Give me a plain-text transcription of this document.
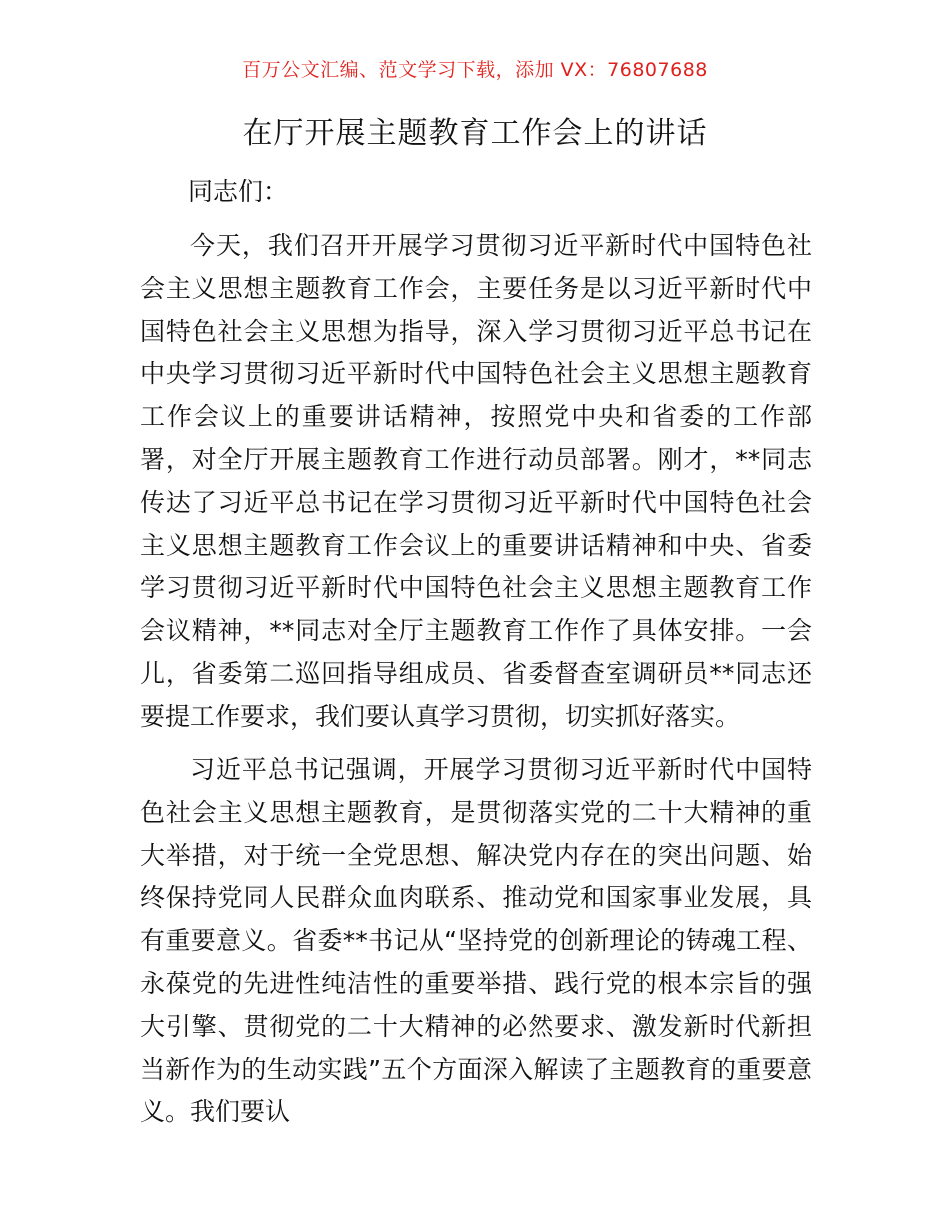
百万公文汇编、范文学习下载，添加 VX：76807688
在厅开展主题教育工作会上的讲话
同志们：

今天，我们召开开展学习贯彻习近平新时代中国特色社会主义思想主题教育工作会，主要任务是以习近平新时代中国特色社会主义思想为指导，深入学习贯彻习近平总书记在中央学习贯彻习近平新时代中国特色社会主义思想主题教育工作会议上的重要讲话精神，按照党中央和省委的工作部署，对全厅开展主题教育工作进行动员部署。刚才，**同志传达了习近平总书记在学习贯彻习近平新时代中国特色社会主义思想主题教育工作会议上的重要讲话精神和中央、省委学习贯彻习近平新时代中国特色社会主义思想主题教育工作会议精神，**同志对全厅主题教育工作作了具体安排。一会儿，省委第二巡回指导组成员、省委督查室调研员**同志还要提工作要求，我们要认真学习贯彻，切实抓好落实。

习近平总书记强调，开展学习贯彻习近平新时代中国特色社会主义思想主题教育，是贯彻落实党的二十大精神的重大举措，对于统一全党思想、解决党内存在的突出问题、始终保持党同人民群众血肉联系、推动党和国家事业发展，具有重要意义。省委**书记从“坚持党的创新理论的铸魂工程、永葆党的先进性纯洁性的重要举措、践行党的根本宗旨的强大引擎、贯彻党的二十大精神的必然要求、激发新时代新担当新作为的生动实践”五个方面深入解读了主题教育的重要意义。我们要认
